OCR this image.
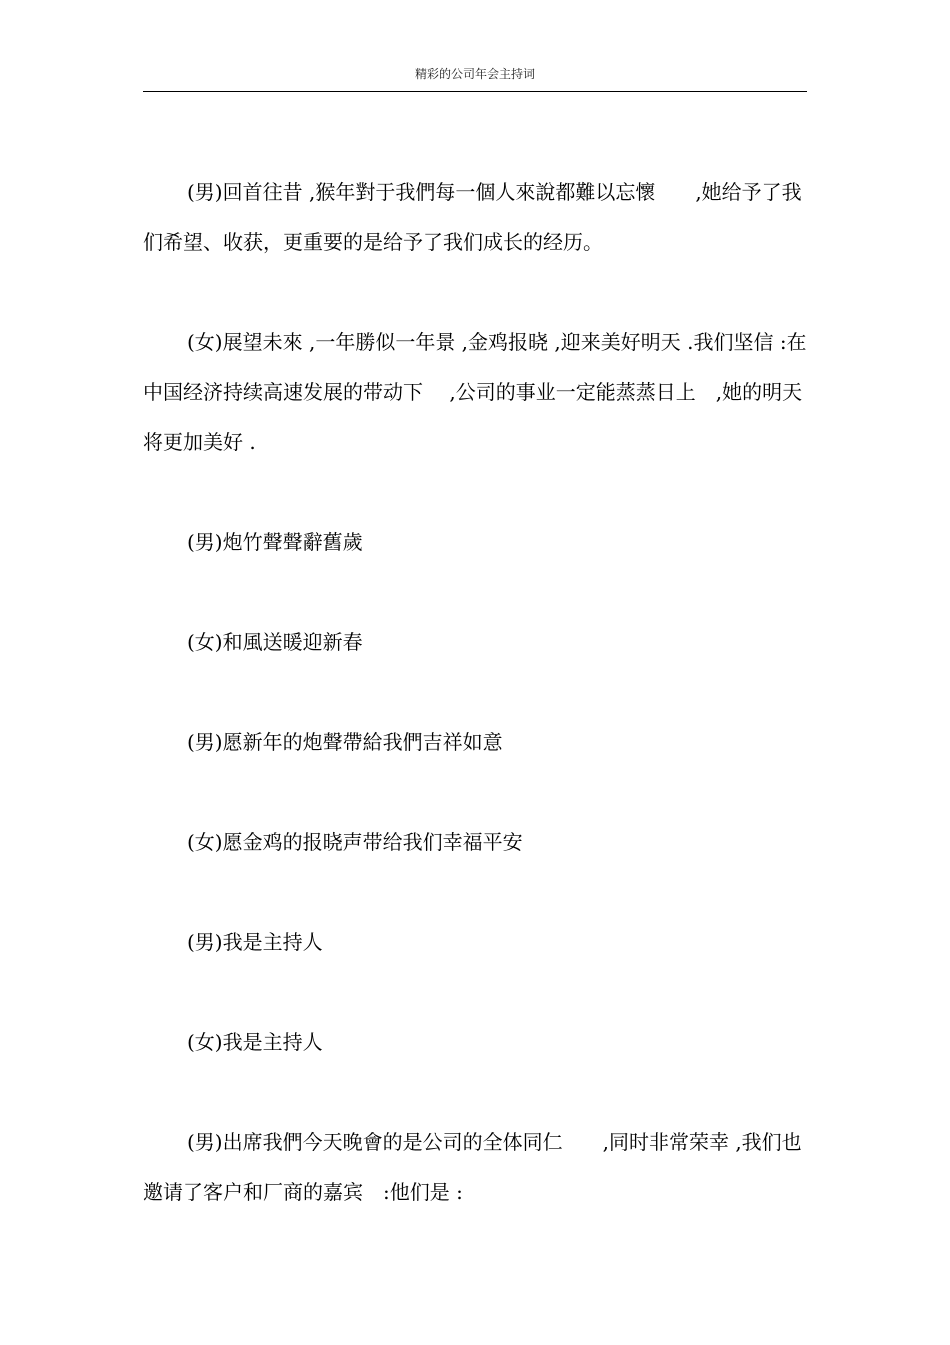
精彩的公司年会主持词

(男)回首往昔 ,猴年對于我們每一個人來說都難以忘懷　　,她给予了我们希望、收获，更重要的是给予了我们成长的经历。

(女)展望未來 ,一年勝似一年景 ,金鸡报晓 ,迎来美好明天 .我们坚信 :在中国经济持续高速发展的带动下　 ,公司的事业一定能蒸蒸日上　,她的明天将更加美好 .

(男)炮竹聲聲辭舊歲

(女)和風送暖迎新春

(男)愿新年的炮聲帶給我們吉祥如意

(女)愿金鸡的报晓声带给我们幸福平安

(男)我是主持人

(女)我是主持人

(男)出席我們今天晚會的是公司的全体同仁　　,同时非常荣幸 ,我们也邀请了客户和厂商的嘉宾　:他们是 :
